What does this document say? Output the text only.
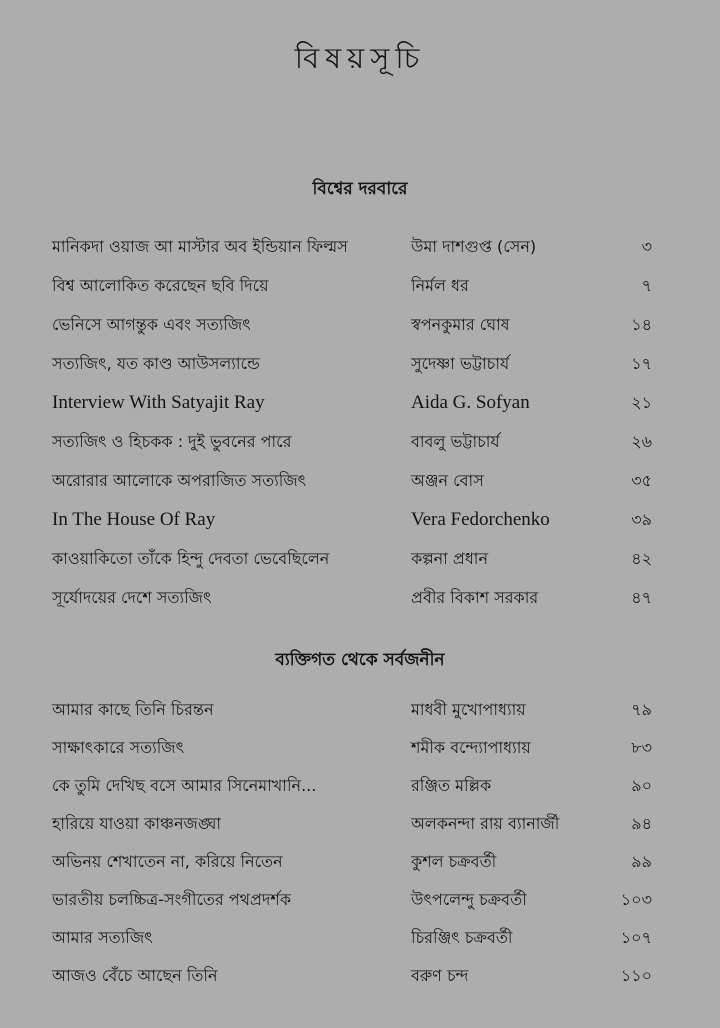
বিষয়সূচি
বিশ্বের দরবারে
মানিকদা ওয়াজ আ মাস্টার অব ইন্ডিয়ান ফিল্মস	উমা দাশগুপ্ত (সেন)	৩
বিশ্ব আলোকিত করেছেন ছবি দিয়ে	নির্মল ধর	৭
ভেনিসে আগন্তুক এবং সত্যজিৎ	স্বপনকুমার ঘোষ	১৪
সত্যজিৎ, যত কাণ্ড আউসল্যান্ডে	সুদেষ্ণা ভট্টাচার্য	১৭
Interview With Satyajit Ray	Aida G. Sofyan	২১
সত্যজিৎ ও হিচকক : দুই ভুবনের পারে	বাবলু ভট্টাচার্য	২৬
অরোরার আলোকে অপরাজিত সত্যজিৎ	অঞ্জন বোস	৩৫
In The House Of Ray	Vera Fedorchenko	৩৯
কাওয়াকিতো তাঁকে হিন্দু দেবতা ভেবেছিলেন	কল্পনা প্রধান	৪২
সূর্যোদয়ের দেশে সত্যজিৎ	প্রবীর বিকাশ সরকার	৪৭
ব্যক্তিগত থেকে সর্বজনীন
আমার কাছে তিনি চিরন্তন	মাধবী মুখোপাধ্যায়	৭৯
সাক্ষাৎকারে সত্যজিৎ	শমীক বন্দ্যোপাধ্যায়	৮৩
কে তুমি দেখিছ বসে আমার সিনেমাখানি...	রঞ্জিত মল্লিক	৯০
হারিয়ে যাওয়া কাঞ্চনজঙ্ঘা	অলকনন্দা রায় ব্যানার্জী	৯৪
অভিনয় শেখাতেন না, করিয়ে নিতেন	কুশল চক্রবর্তী	৯৯
ভারতীয় চলচ্চিত্র-সংগীতের পথপ্রদর্শক	উৎপলেন্দু চক্রবর্তী	১০৩
আমার সত্যজিৎ	চিরঞ্জিৎ চক্রবর্তী	১০৭
আজও বেঁচে আছেন তিনি	বরুণ চন্দ	১১০
